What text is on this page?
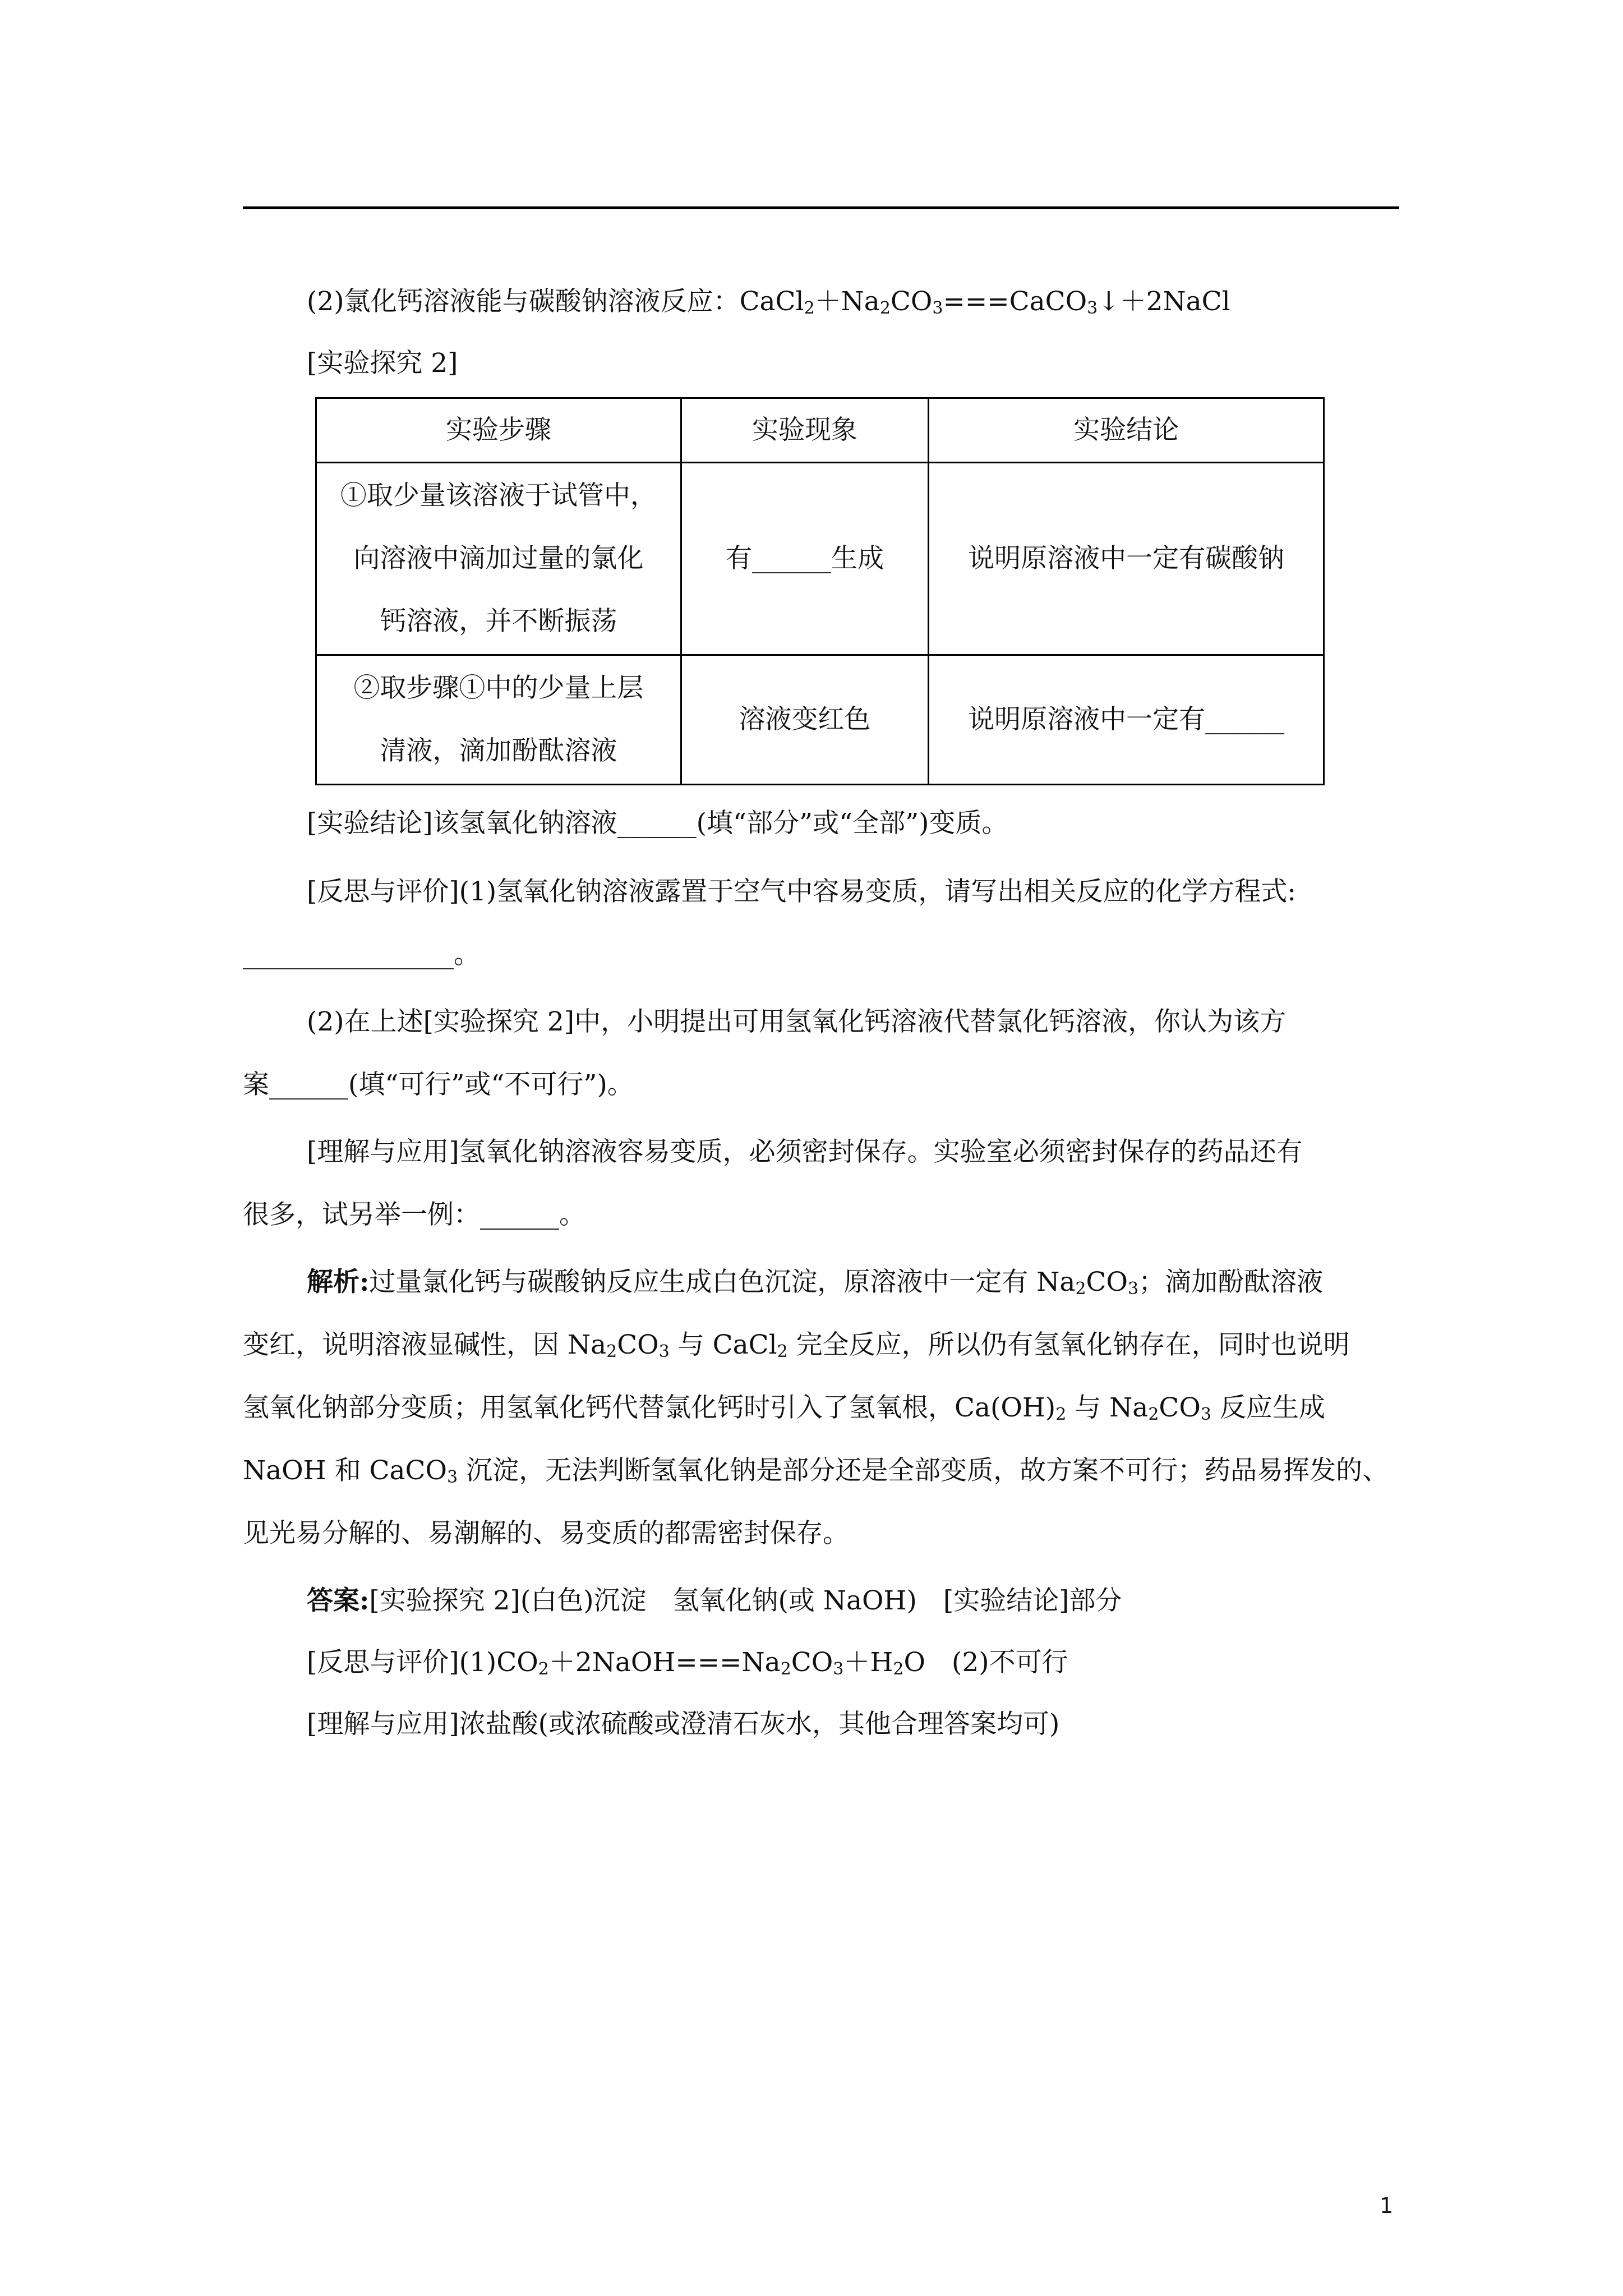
(2)氯化钙溶液能与碳酸钠溶液反应：$CaCl_2+Na_2CO_3===CaCO_3↓+2NaCl$
[实验探究 2]
实验步骤	实验现象	实验结论

①取少量该溶液于试管中，
向溶液中滴加过量的氯化
钙溶液，并不断振荡	有______生成	说明原溶液中一定有碳酸钠

②取步骤①中的少量上层
清液，滴加酚酞溶液	溶液变红色	说明原溶液中一定有______
[实验结论]该氢氧化钠溶液______(填“部分”或“全部”)变质。
[反思与评价](1)氢氧化钠溶液露置于空气中容易变质，请写出相关反应的化学方程式:
________________。
(2)在上述[实验探究 2]中，小明提出可用氢氧化钙溶液代替氯化钙溶液，你认为该方
案______(填“可行”或“不可行”)。
[理解与应用]氢氧化钠溶液容易变质，必须密封保存。实验室必须密封保存的药品还有
很多，试另举一例：______。
解析:过量氯化钙与碳酸钠反应生成白色沉淀，原溶液中一定有 $Na_2CO_3$；滴加酚酞溶液
变红，说明溶液显碱性，因 $Na_2CO_3$ 与 CaCl$_2$ 完全反应，所以仍有氢氧化钠存在，同时也说明
氢氧化钠部分变质；用氢氧化钙代替氯化钙时引入了氢氧根，$Ca(OH)_2$ 与 $Na_2CO_3$ 反应生成
NaOH 和 CaCO$_3$ 沉淀，无法判断氢氧化钠是部分还是全部变质，故方案不可行；药品易挥发的、
见光易分解的、易潮解的、易变质的都需密封保存。
答案:[实验探究 2](白色)沉淀　氢氧化钠(或 NaOH)　[实验结论]部分
[反思与评价]$(1)CO_2+2NaOH===Na_2CO_3+H_2O$　(2)不可行
[理解与应用]浓盐酸(或浓硫酸或澄清石灰水，其他合理答案均可)
1
